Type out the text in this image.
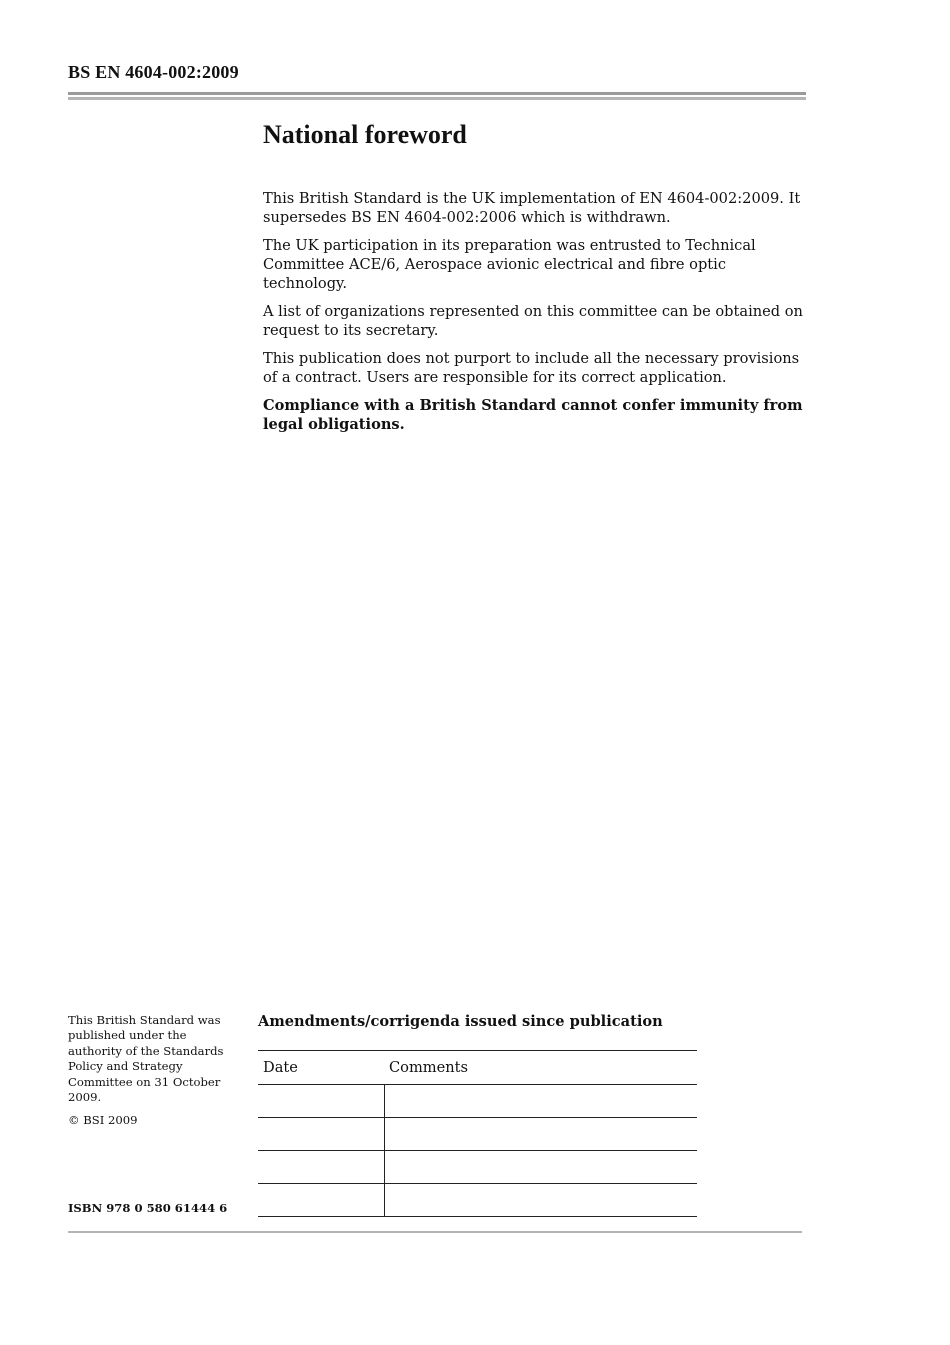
BS EN 4604-002:2009
National foreword

This British Standard is the UK implementation of EN 4604-002:2009. It supersedes BS EN 4604-002:2006 which is withdrawn.

The UK participation in its preparation was entrusted to Technical Committee ACE/6, Aerospace avionic electrical and fibre optic technology.

A list of organizations represented on this committee can be obtained on request to its secretary.

This publication does not purport to include all the necessary provisions of a contract. Users are responsible for its correct application.

Compliance with a British Standard cannot confer immunity from legal obligations.

This British Standard was published under the authority of the Standards Policy and Strategy Committee on 31 October 2009.

© BSI 2009

ISBN 978 0 580 61444 6
Amendments/corrigenda issued since publication
Date	Comments
